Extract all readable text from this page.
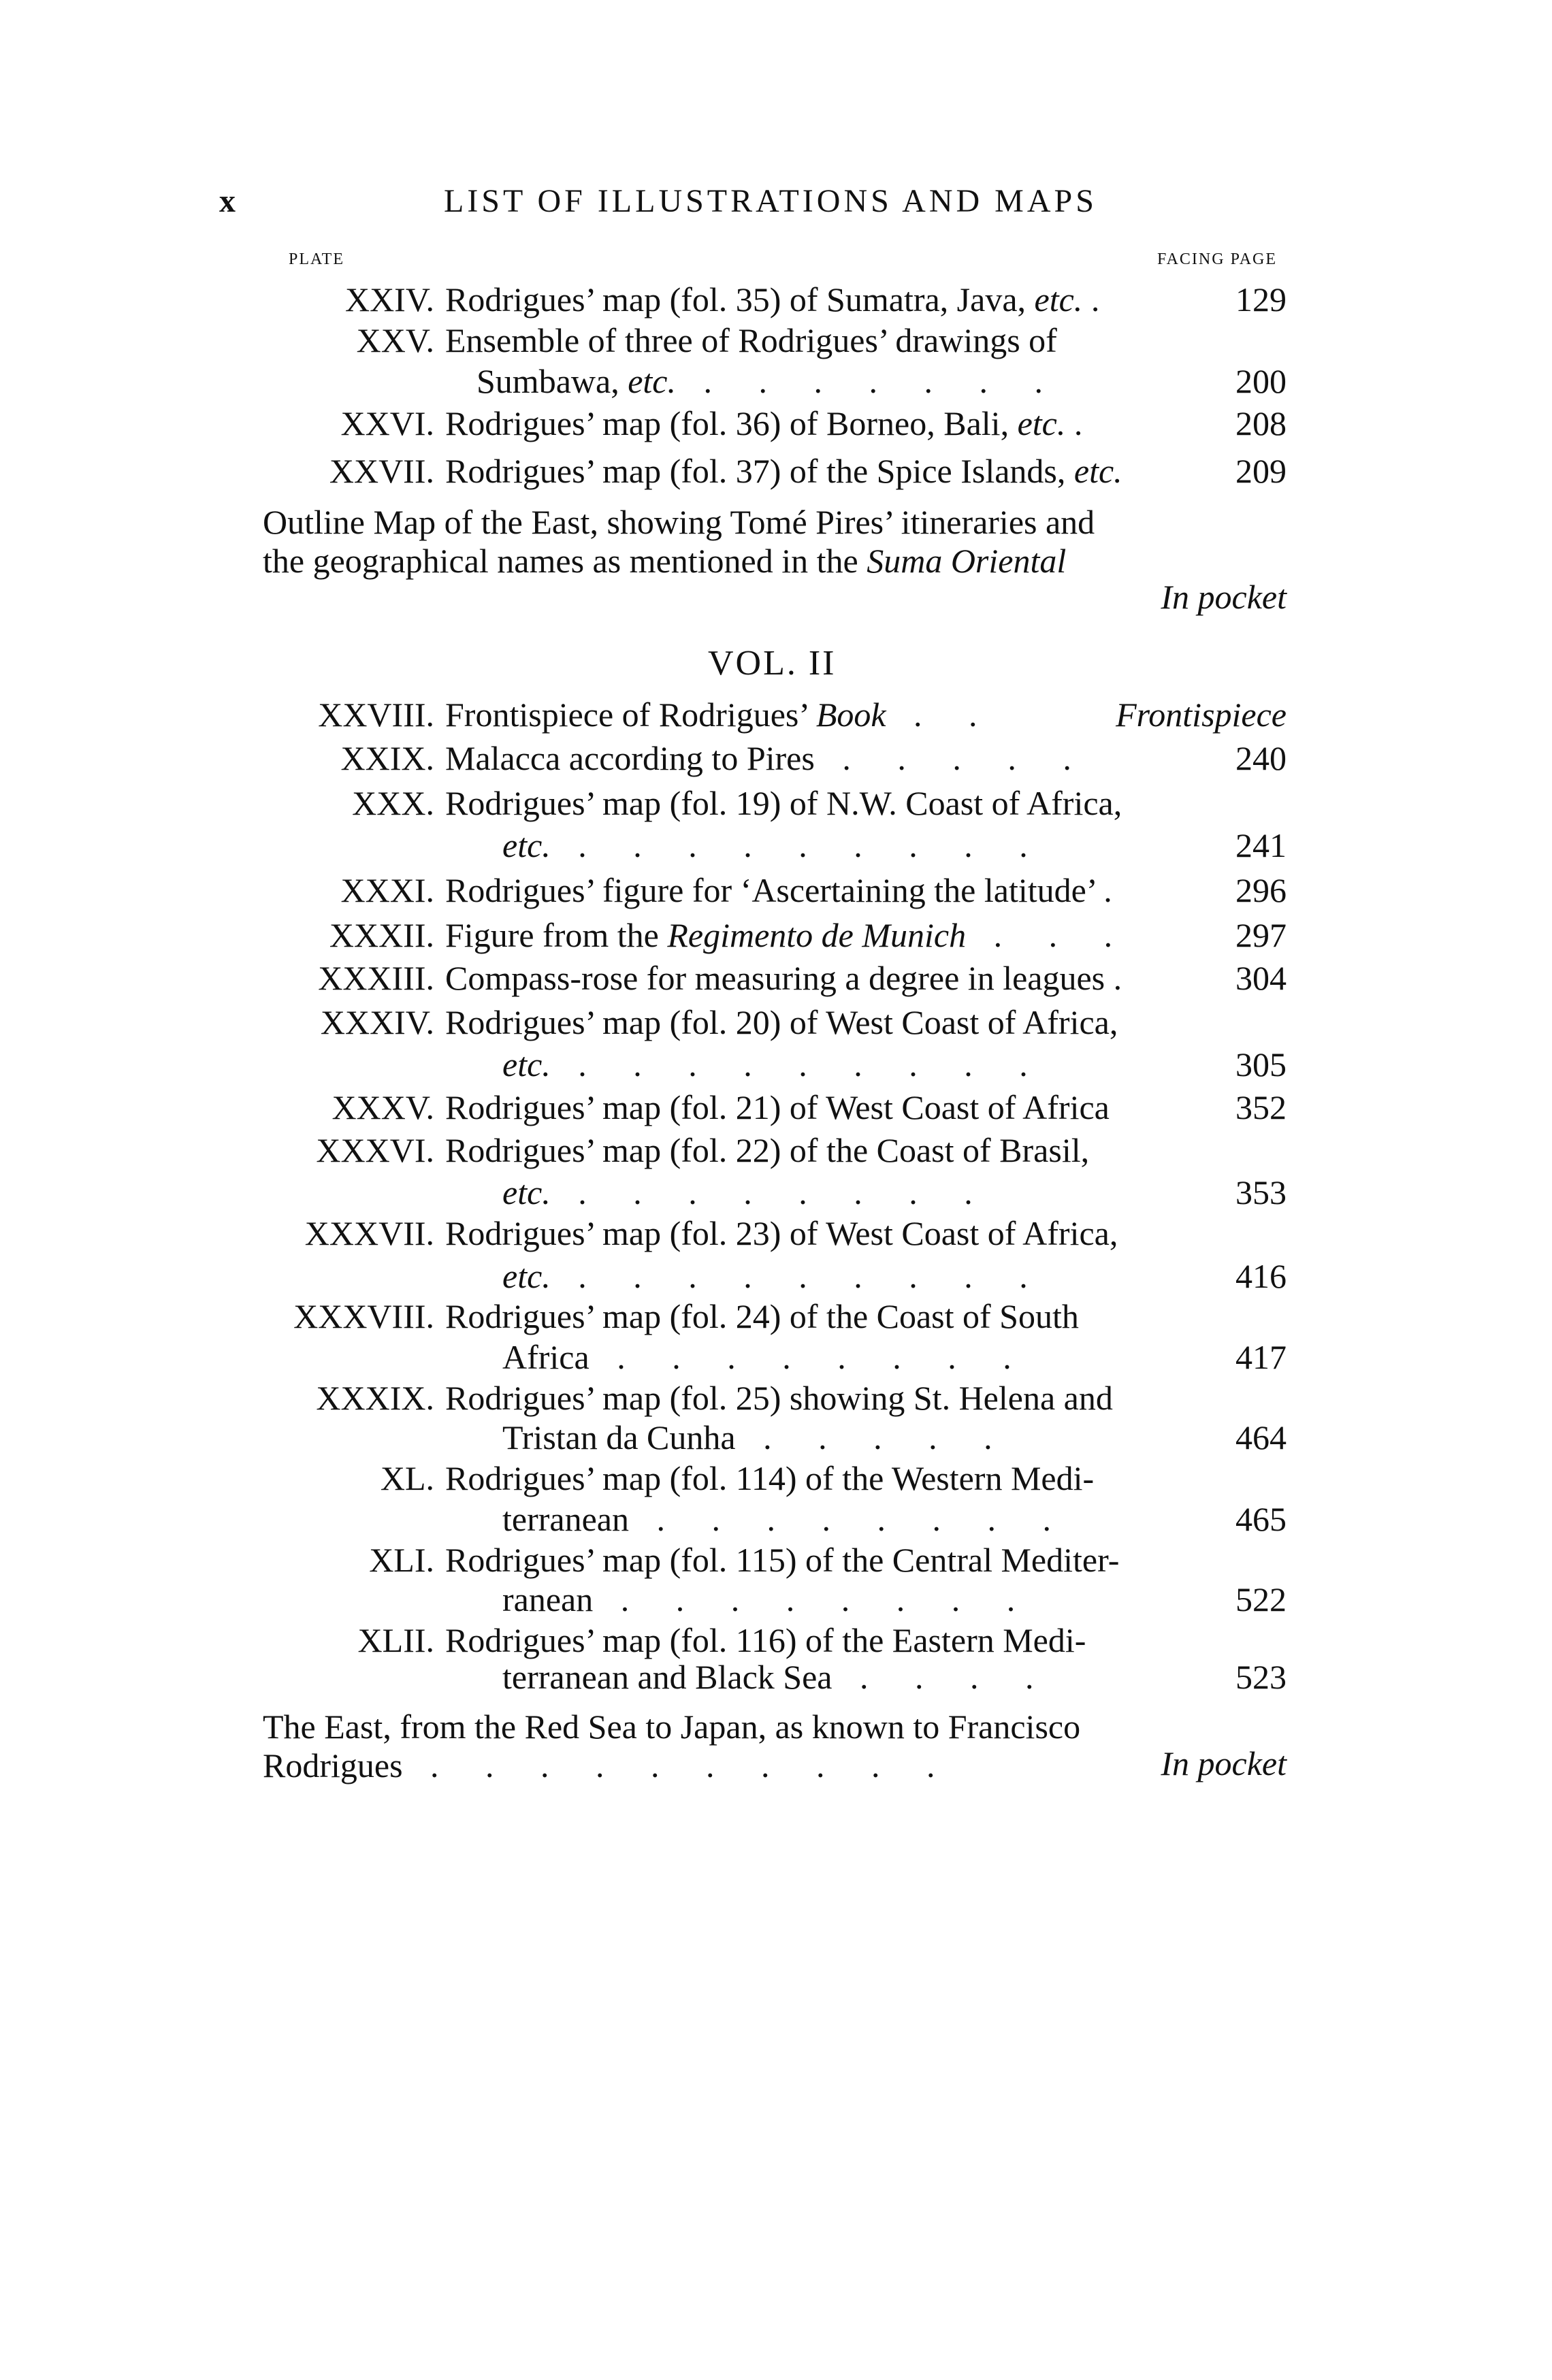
x	LIST OF ILLUSTRATIONS AND MAPS
PLATE	FACING PAGE
XXIV. Rodrigues’ map (fol. 35) of Sumatra, Java, etc. .	129
XXV. Ensemble of three of Rodrigues’ drawings of
Sumbawa, etc. . . . . . . .	200
XXVI. Rodrigues’ map (fol. 36) of Borneo, Bali, etc. .	208
XXVII. Rodrigues’ map (fol. 37) of the Spice Islands, etc.	209
Outline Map of the East, showing Tomé Pires’ itineraries and
the geographical names as mentioned in the Suma Oriental
In pocket
VOL. II
XXVIII. Frontispiece of Rodrigues’ Book . .	Frontispiece
XXIX. Malacca according to Pires . . . . .	240
XXX. Rodrigues’ map (fol. 19) of N.W. Coast of Africa,
etc. . . . . . . . . .	241
XXXI. Rodrigues’ figure for ‘Ascertaining the latitude’ .	296
XXXII. Figure from the Regimento de Munich . . .	297
XXXIII. Compass-rose for measuring a degree in leagues .	304
XXXIV. Rodrigues’ map (fol. 20) of West Coast of Africa,
etc. . . . . . . . . .	305
XXXV. Rodrigues’ map (fol. 21) of West Coast of Africa	352
XXXVI. Rodrigues’ map (fol. 22) of the Coast of Brasil,
etc. . . . . . . . .	353
XXXVII. Rodrigues’ map (fol. 23) of West Coast of Africa,
etc. . . . . . . . . .	416
XXXVIII. Rodrigues’ map (fol. 24) of the Coast of South
Africa . . . . . . . .	417
XXXIX. Rodrigues’ map (fol. 25) showing St. Helena and
Tristan da Cunha . . . . .	464
XL. Rodrigues’ map (fol. 114) of the Western Medi-
terranean . . . . . . . .	465
XLI. Rodrigues’ map (fol. 115) of the Central Mediter-
ranean . . . . . . . .	522
XLII. Rodrigues’ map (fol. 116) of the Eastern Medi-
terranean and Black Sea . . . .	523
The East, from the Red Sea to Japan, as known to Francisco
Rodrigues . . . . . . . . . .	In pocket
